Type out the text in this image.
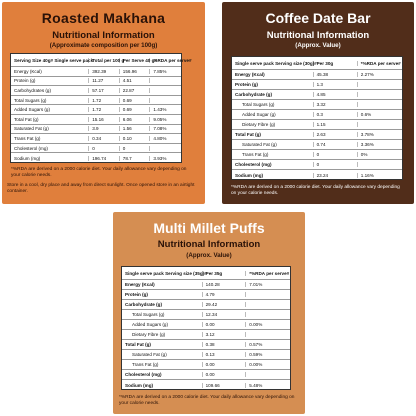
Roasted Makhana
Nutritional Information
(Approximate composition per 100g)
Serving Size 40g# Single serve pack Total per 100 g
Per Serve 40 g#
%RDA per serve#
Energy (Kcal)	392.39	156.96	7.85%
Protein (g)	11.27	4.51
Carbohydrates (g)	57.17	22.87
Total Sugars (g)	1.72	0.69
Added Sugars (g)	1.72	0.69	1.43%
Total Fat (g)	15.16	6.06	9.05%
Saturated Fat (g)	3.9	1.56	7.08%
Trans Fat (g)	0.34	0.10	4.80%
Cholesterol (mg)	0	0
Sodium (mg)	196.74	78.7	3.93%
*%RDA are derived on a 2000 calorie diet. Your daily allowance vary depending on your calorie needs.
Store in a cool, dry place and away from direct sunlight. Once opened store in an airtight container.
Coffee Date Bar
Nutritional Information
(Approx. Value)
Single serve pack Serving size (30g)# Per 30g	*%RDA per serve#
Energy (Kcal)	45.38	2.27%
Protein (g)	1.3
Carbohydrate (g)	4.85
Total Sugars (g)	3.32
Added Sugar (g)	0.3	0.6%
Dietary Fibre (g)	1.15
Total Fat (g)	2.63	3.78%
Saturated Fat (g)	0.74	3.36%
Trans Fat (g)	0	0%
Cholesterol (mg)	0
Sodium (mg)	23.24	1.16%
*%RDA are derived on a 2000 calorie diet. Your daily allowance vary depending on your calorie needs.
Multi Millet Puffs
Nutritional Information
(Approx. Value)
Single serve pack Serving size (35g)#
Per 35g	*%RDA per serve#
Energy (Kcal)	140.28	7.01%
Protein (g)	4.79
Carbohydrate (g)	29.42
Total Sugars (g)	12.34
Added Sugars (g)	0.00	0.00%
Dietary Fibre (g)	3.12
Total Fat (g)	0.38	0.57%
Saturated Fat (g)	0.13	0.59%
Trans Fat (g)	0.00	0.00%
Cholesterol (mg)	0.00
Sodium (mg)	109.66	5.48%
*%RDA are derived on a 2000 calorie diet. Your daily allowance vary depending on your calorie needs.
